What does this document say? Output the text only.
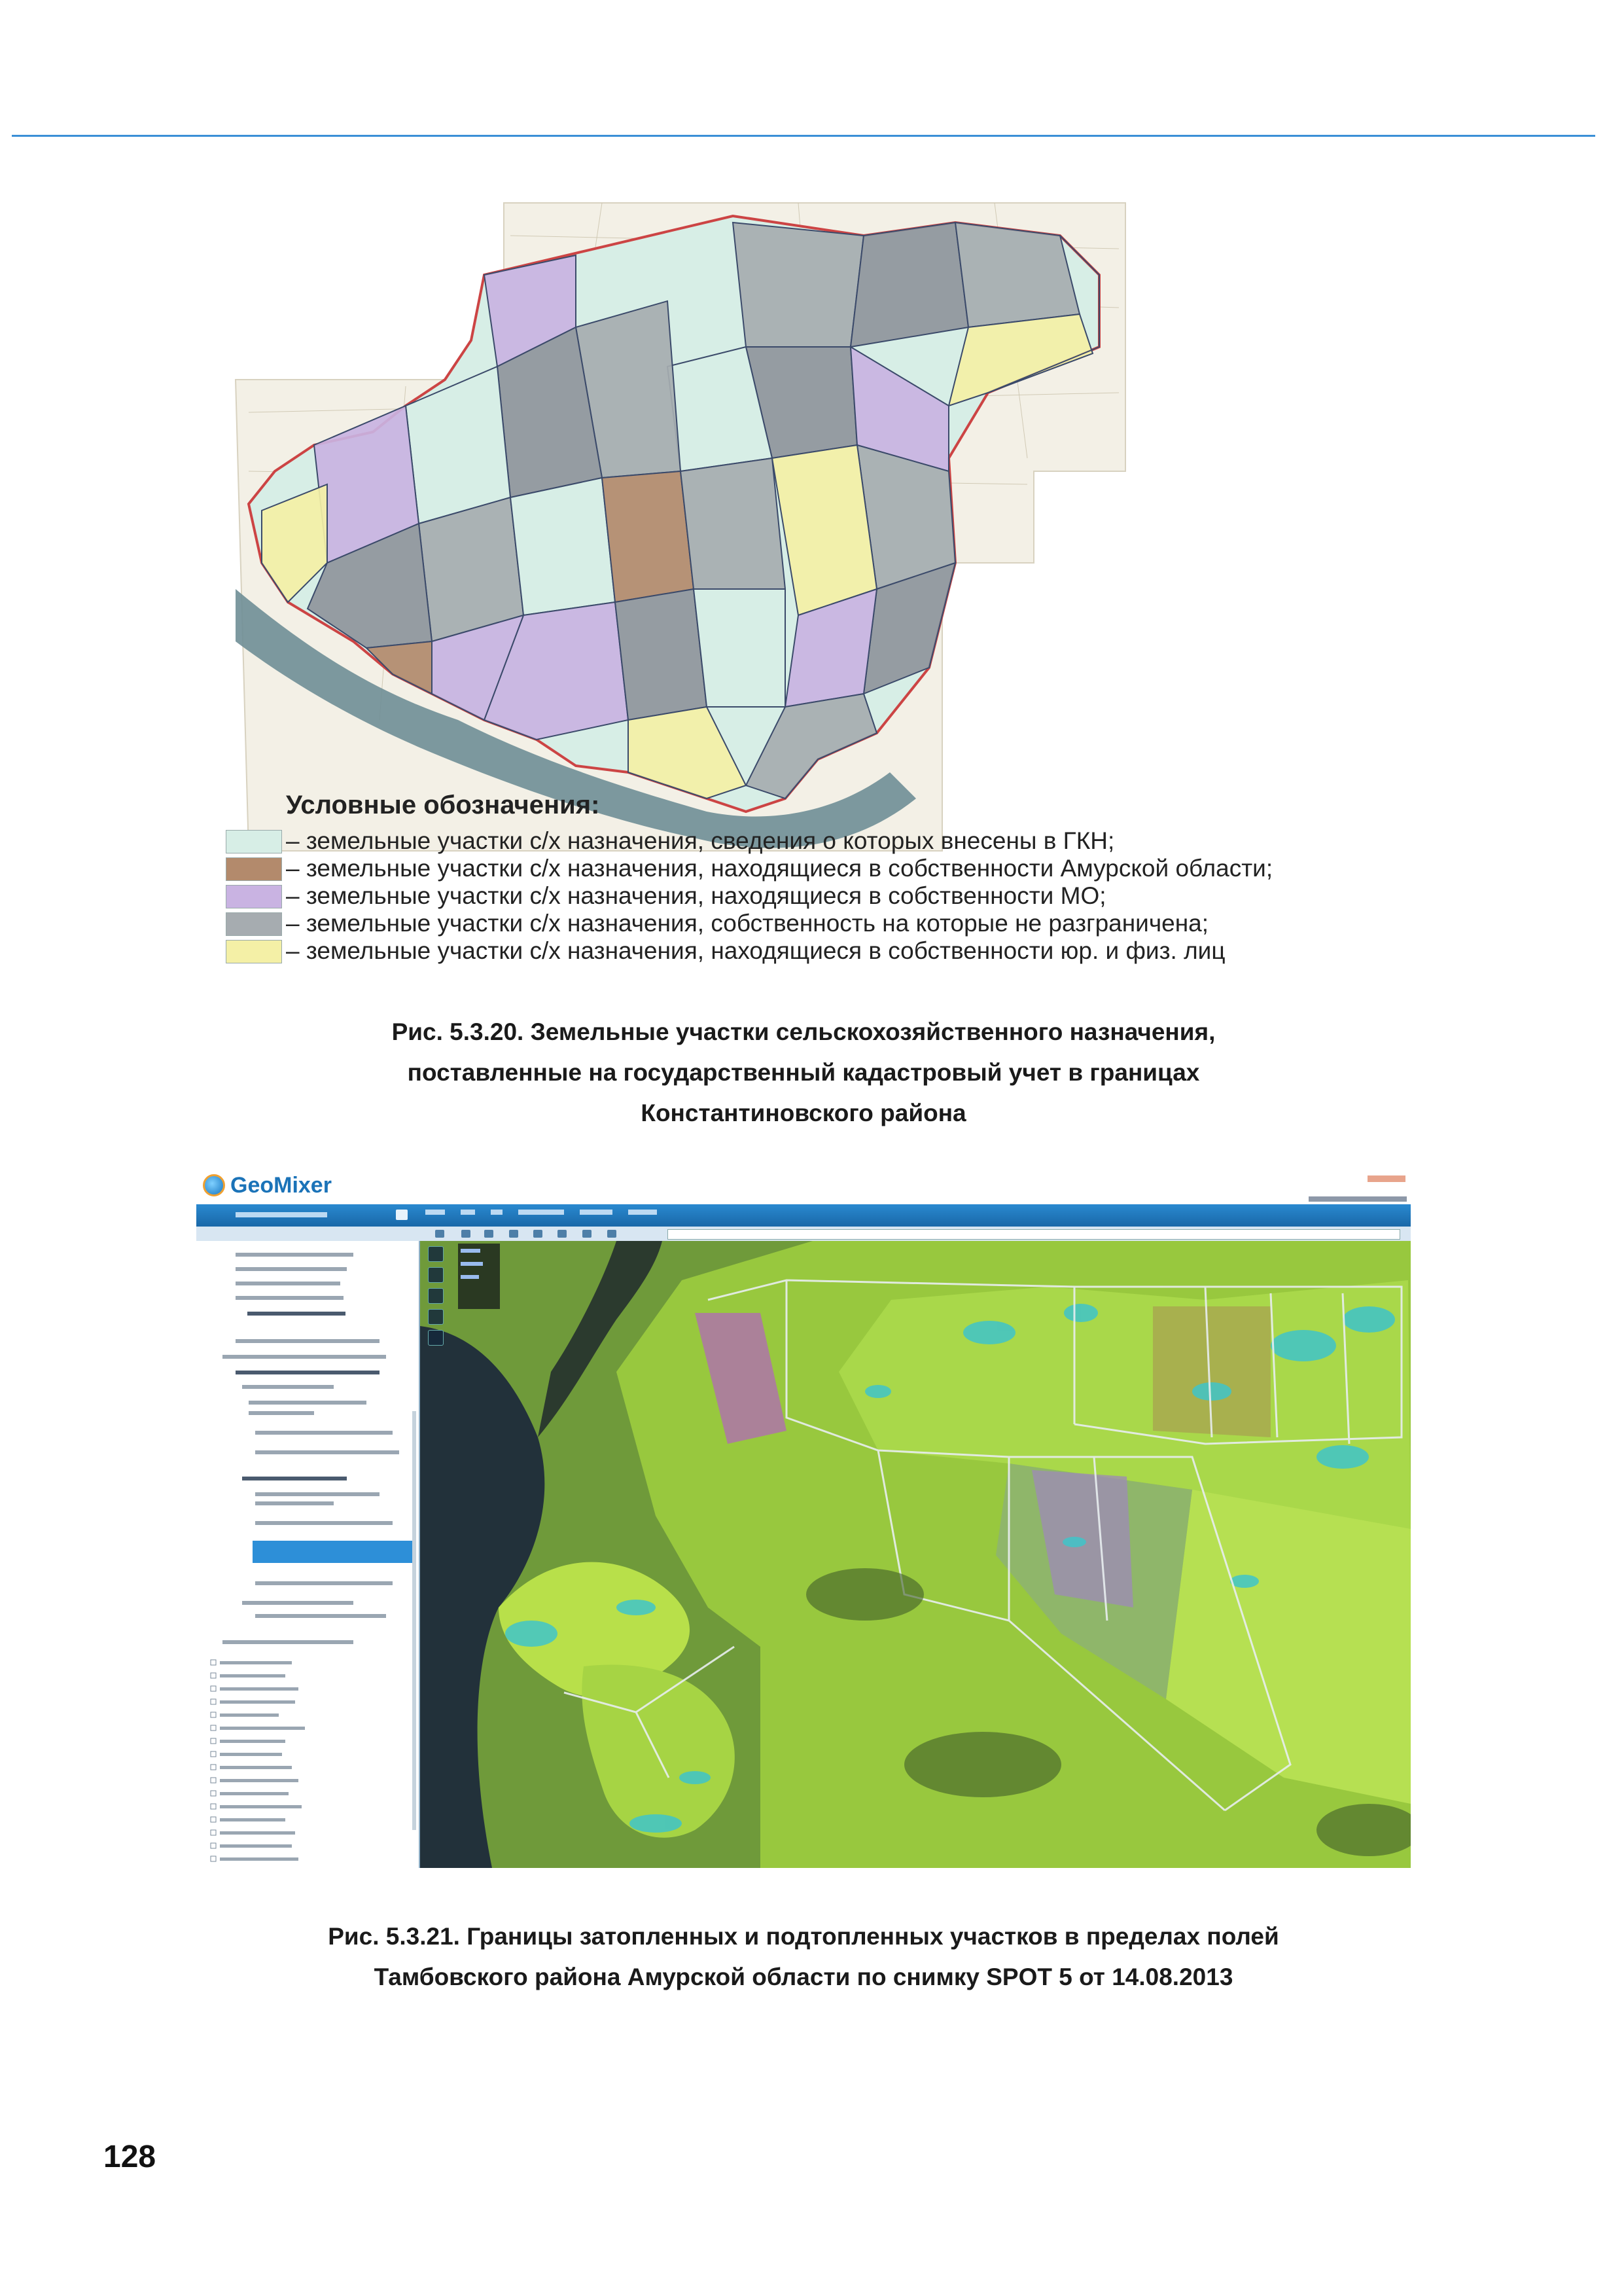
Условные обозначения:
– земельные участки с/х назначения, сведения о которых внесены в ГКН;
– земельные участки с/х назначения, находящиеся в собственности Амурской области;
– земельные участки с/х назначения, находящиеся в собственности МО;
– земельные участки с/х назначения, собственность на которые не разграничена;
– земельные участки с/х назначения, находящиеся в собственности юр. и физ. лиц
Рис. 5.3.20. Земельные участки сельскохозяйственного назначения,
поставленные на государственный кадастровый учет в границах
Константиновского района
GeoMixer
Рис. 5.3.21. Границы затопленных и подтопленных участков в пределах полей
Тамбовского района Амурской области по снимку SPOT 5 от 14.08.2013
128
